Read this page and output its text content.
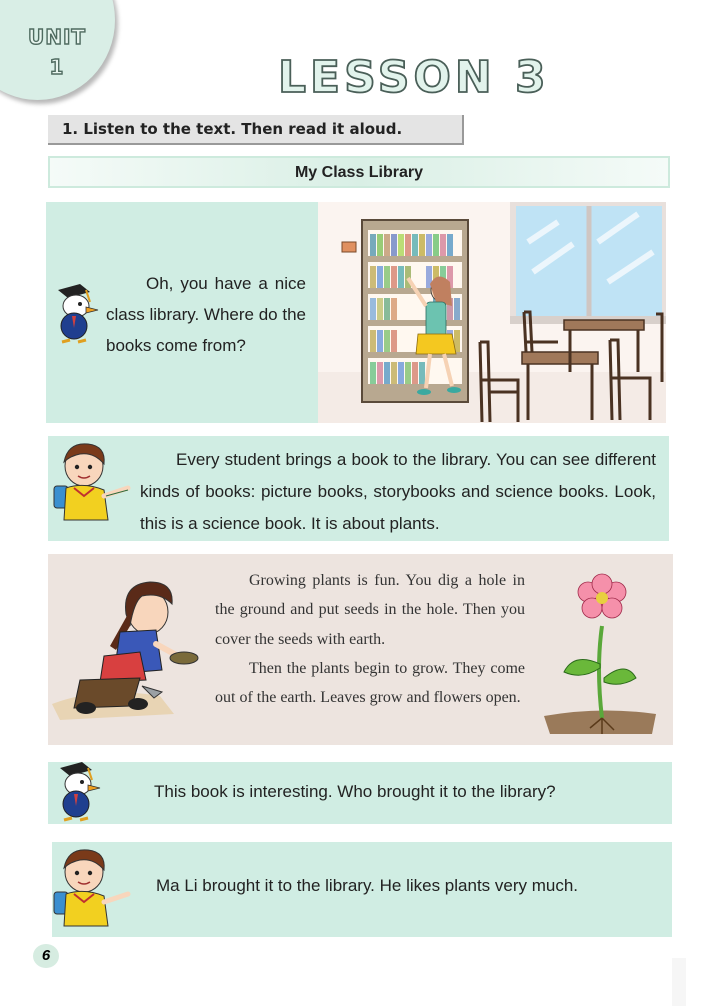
UNIT
1	LESSON 3
1. Listen to the text. Then read it aloud.
My Class Library
Oh, you have a nice class library. Where do the books come from?
Every student brings a book to the library. You can see different kinds of books: picture books, storybooks and science books. Look, this is a science book. It is about plants.

Growing plants is fun. You dig a hole in the ground and put seeds in the hole. Then you cover the seeds with earth.

Then the plants begin to grow. They come out of the earth. Leaves grow and flowers open.

This book is interesting. Who brought it to the library?
Ma Li brought it to the library. He likes plants very much.
6
